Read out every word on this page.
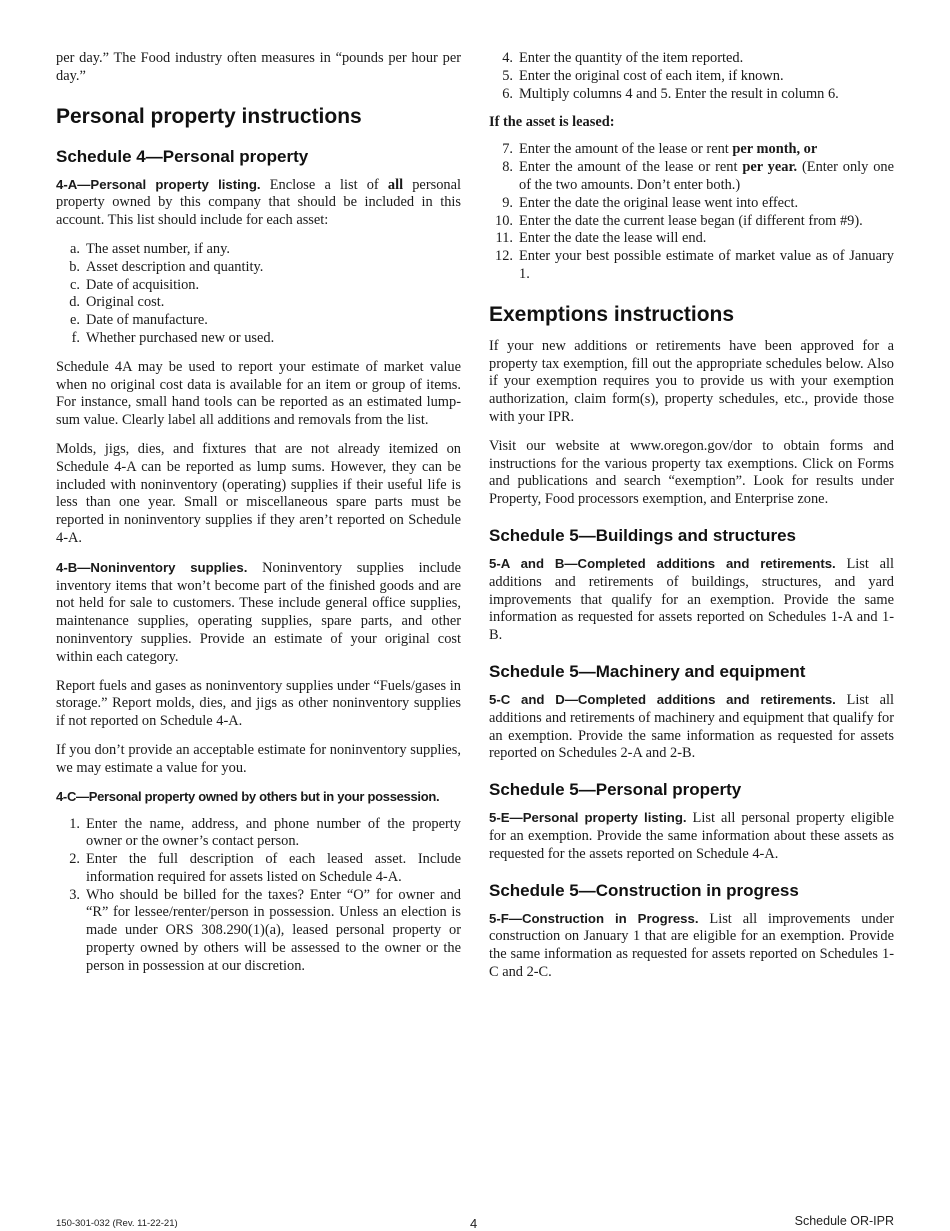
per day.” The Food industry often measures in “pounds per hour per day.”

Personal property instructions
Schedule 4—Personal property

4-A—Personal property listing. Enclose a list of all personal property owned by this company that should be included in this account. This list should include for each asset:

a. The asset number, if any.
b. Asset description and quantity.
c. Date of acquisition.
d. Original cost.
e. Date of manufacture.
f. Whether purchased new or used.

Schedule 4A may be used to report your estimate of market value when no original cost data is available for an item or group of items. For instance, small hand tools can be reported as an estimated lump-sum value. Clearly label all additions and removals from the list.

Molds, jigs, dies, and fixtures that are not already itemized on Schedule 4-A can be reported as lump sums. However, they can be included with noninventory (operating) supplies if their useful life is less than one year. Small or miscellaneous spare parts must be reported in noninventory supplies if they aren’t reported on Schedule 4-A.

4-B—Noninventory supplies. Noninventory supplies include inventory items that won’t become part of the finished goods and are not held for sale to customers. These include general office supplies, maintenance supplies, operating supplies, spare parts, and other noninventory supplies. Provide an estimate of your original cost within each category.

Report fuels and gases as noninventory supplies under “Fuels/gases in storage.” Report molds, dies, and jigs as other noninventory supplies if not reported on Schedule 4-A.

If you don’t provide an acceptable estimate for noninventory supplies, we may estimate a value for you.

4-C—Personal property owned by others but in your possession.
1. Enter the name, address, and phone number of the property owner or the owner’s contact person.
2. Enter the full description of each leased asset. Include information required for assets listed on Schedule 4-A.
3. Who should be billed for the taxes? Enter “O” for owner and “R” for lessee/renter/person in possession. Unless an election is made under ORS 308.290(1)(a), leased personal property or property owned by others will be assessed to the owner or the person in possession at our discretion.
4. Enter the quantity of the item reported.
5. Enter the original cost of each item, if known.
6. Multiply columns 4 and 5. Enter the result in column 6.
If the asset is leased:
7. Enter the amount of the lease or rent per month, or
8. Enter the amount of the lease or rent per year. (Enter only one of the two amounts. Don’t enter both.)
9. Enter the date the original lease went into effect.
10. Enter the date the current lease began (if different from #9).
11. Enter the date the lease will end.
12. Enter your best possible estimate of market value as of January 1.
Exemptions instructions

If your new additions or retirements have been approved for a property tax exemption, fill out the appropriate schedules below. Also if your exemption requires you to provide us with your exemption authorization, claim form(s), property schedules, etc., provide those with your IPR.

Visit our website at www.oregon.gov/dor to obtain forms and instructions for the various property tax exemptions. Click on Forms and publications and search “exemption”. Look for results under Property, Food processors exemption, and Enterprise zone.

Schedule 5—Buildings and structures

5-A and B—Completed additions and retirements. List all additions and retirements of buildings, structures, and yard improvements that qualify for an exemption. Provide the same information as requested for assets reported on Schedules 1-A and 1-B.

Schedule 5—Machinery and equipment

5-C and D—Completed additions and retirements. List all additions and retirements of machinery and equipment that qualify for an exemption. Provide the same information as requested for assets reported on Schedules 2-A and 2-B.

Schedule 5—Personal property

5-E—Personal property listing. List all personal property eligible for an exemption. Provide the same information about these assets as requested for the assets reported on Schedule 4-A.

Schedule 5—Construction in progress

5-F—Construction in Progress. List all improvements under construction on January 1 that are eligible for an exemption. Provide the same information as requested for assets reported on Schedules 1-C and 2-C.

150-301-032 (Rev. 11-22-21)	4	Schedule OR-IPR
